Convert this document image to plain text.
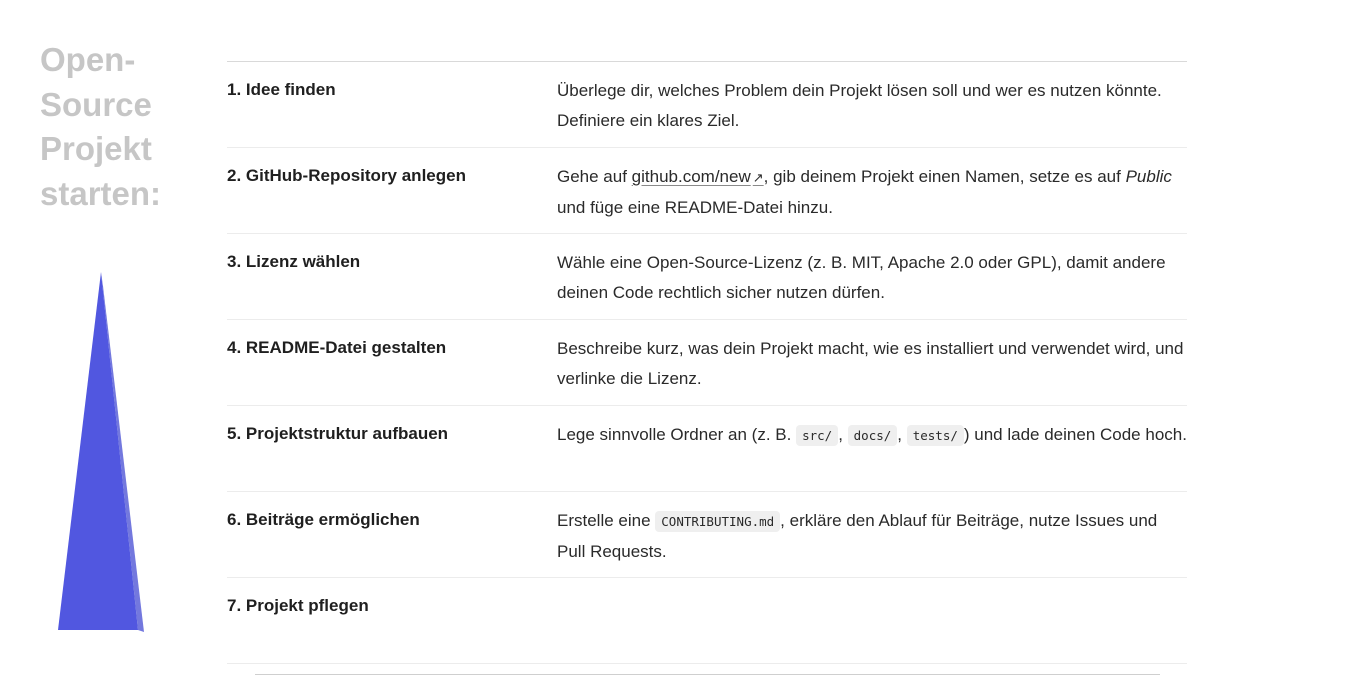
Open-Source Projekt starten:
1. Idee finden	Überlege dir, welches Problem dein Projekt lösen soll und wer es nutzen könnte. Definiere ein klares Ziel.
2. GitHub-Repository anlegen	Gehe auf github.com/new ↗, gib deinem Projekt einen Namen, setze es auf Public und füge eine README-Datei hinzu.
3. Lizenz wählen	Wähle eine Open-Source-Lizenz (z. B. MIT, Apache 2.0 oder GPL), damit andere deinen Code rechtlich sicher nutzen dürfen.
4. README-Datei gestalten	Beschreibe kurz, was dein Projekt macht, wie es installiert und verwendet wird, und verlinke die Lizenz.
5. Projektstruktur aufbauen	Lege sinnvolle Ordner an (z. B. src/ , docs/ , tests/ ) und lade deinen Code hoch.
6. Beiträge ermöglichen	Erstelle eine CONTRIBUTING.md , erkläre den Ablauf für Beiträge, nutze Issues und Pull Requests.
7. Projekt pflegen
